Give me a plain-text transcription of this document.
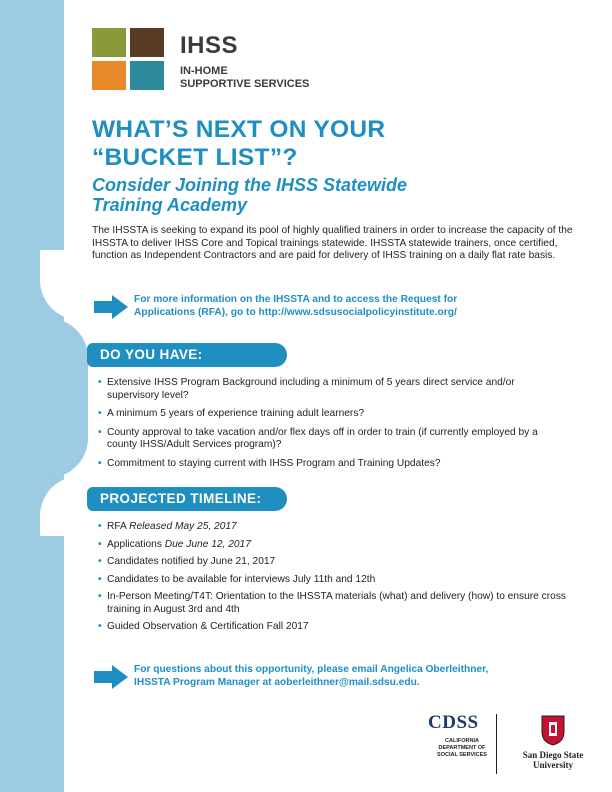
IHSS
IN-HOME
SUPPORTIVE SERVICES
WHAT’S NEXT ON YOUR
“BUCKET LIST”?
Consider Joining the IHSS Statewide
Training Academy

The IHSSTA is seeking to expand its pool of highly qualified trainers in order to increase the capacity of the IHSSTA to deliver IHSS Core and Topical trainings statewide. IHSSTA statewide trainers, once certified, function as Independent Contractors and are paid for delivery of IHSS training on a daily flat rate basis.

For more information on the IHSSTA and to access the Request for
Applications (RFA), go to http://www.sdsusocialpolicyinstitute.org/

DO YOU HAVE:
• Extensive IHSS Program Background including a minimum of 5 years direct service and/or supervisory level?
• A minimum 5 years of experience training adult learners?
• County approval to take vacation and/or flex days off in order to train (if currently employed by a county IHSS/Adult Services program)?
• Commitment to staying current with IHSS Program and Training Updates?
PROJECTED TIMELINE:
• RFA Released May 25, 2017
• Applications Due June 12, 2017
• Candidates notified by June 21, 2017
• Candidates to be available for interviews July 11th and 12th
• In-Person Meeting/T4T: Orientation to the IHSSTA materials (what) and delivery (how) to ensure cross training in August 3rd and 4th
• Guided Observation & Certification Fall 2017

For questions about this opportunity, please email Angelica Oberleithner,
IHSSTA Program Manager at aoberleithner@mail.sdsu.edu.

CDSS
CALIFORNIA
DEPARTMENT OF
SOCIAL SERVICES	San Diego State
University
